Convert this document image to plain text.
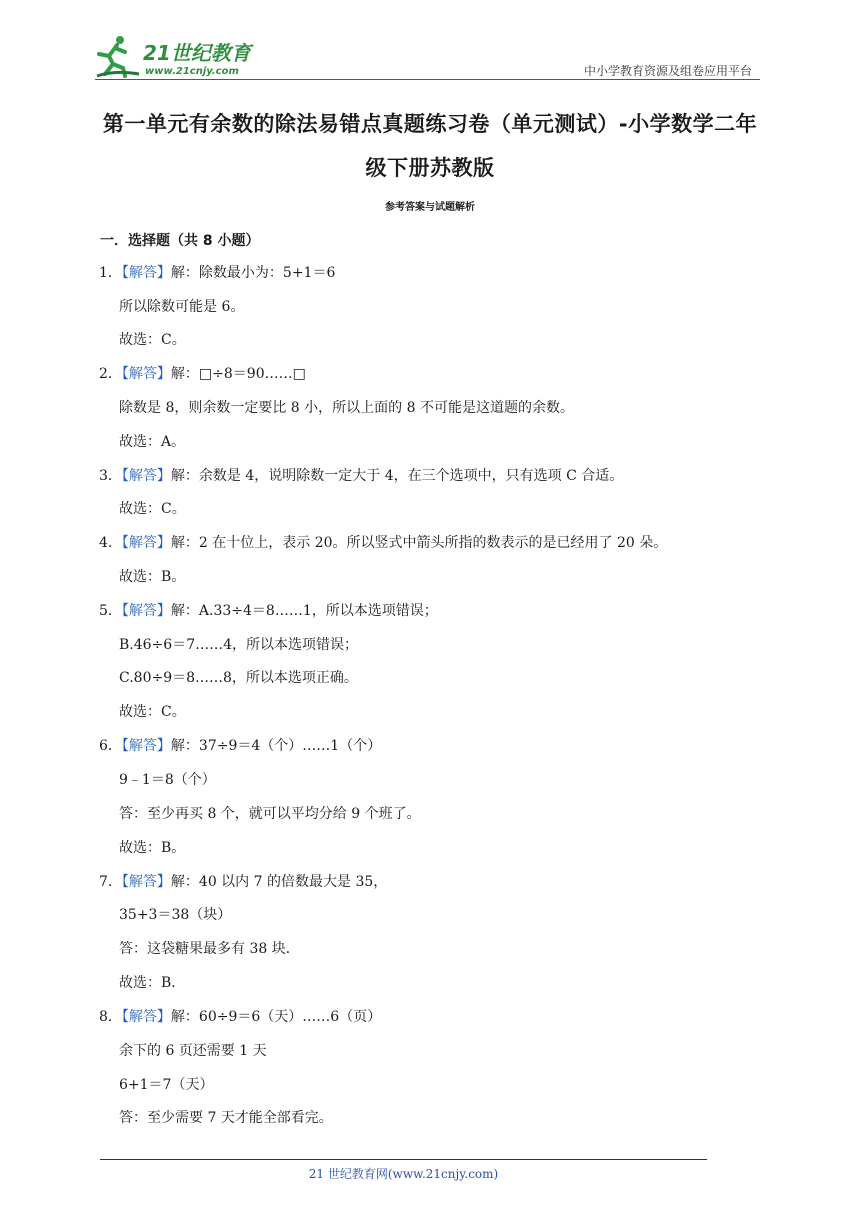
21世纪教育
www.21cnjy.com	中小学教育资源及组卷应用平台
第一单元有余数的除法易错点真题练习卷（单元测试）-小学数学二年
级下册苏教版
参考答案与试题解析
一．选择题（共 8 小题）
1．【解答】解：除数最小为：5+1＝6
所以除数可能是 6。
故选：C。
2．【解答】解：□÷8＝90……□
除数是 8，则余数一定要比 8 小，所以上面的 8 不可能是这道题的余数。
故选：A。
3．【解答】解：余数是 4，说明除数一定大于 4，在三个选项中，只有选项 C 合适。
故选：C。
4．【解答】解：2 在十位上，表示 20。所以竖式中箭头所指的数表示的是已经用了 20 朵。
故选：B。
5．【解答】解：A.33÷4＝8……1，所以本选项错误；
B.46÷6＝7……4，所以本选项错误；
C.80÷9＝8……8，所以本选项正确。
故选：C。
6．【解答】解：37÷9＝4（个）……1（个）
9﹣1＝8（个）
答：至少再买 8 个，就可以平均分给 9 个班了。
故选：B。
7．【解答】解：40 以内 7 的倍数最大是 35，
35+3＝38（块）
答：这袋糖果最多有 38 块．
故选：B．
8．【解答】解：60÷9＝6（天）……6（页）
余下的 6 页还需要 1 天
6+1＝7（天）
答：至少需要 7 天才能全部看完。
21 世纪教育网(www.21cnjy.com)
